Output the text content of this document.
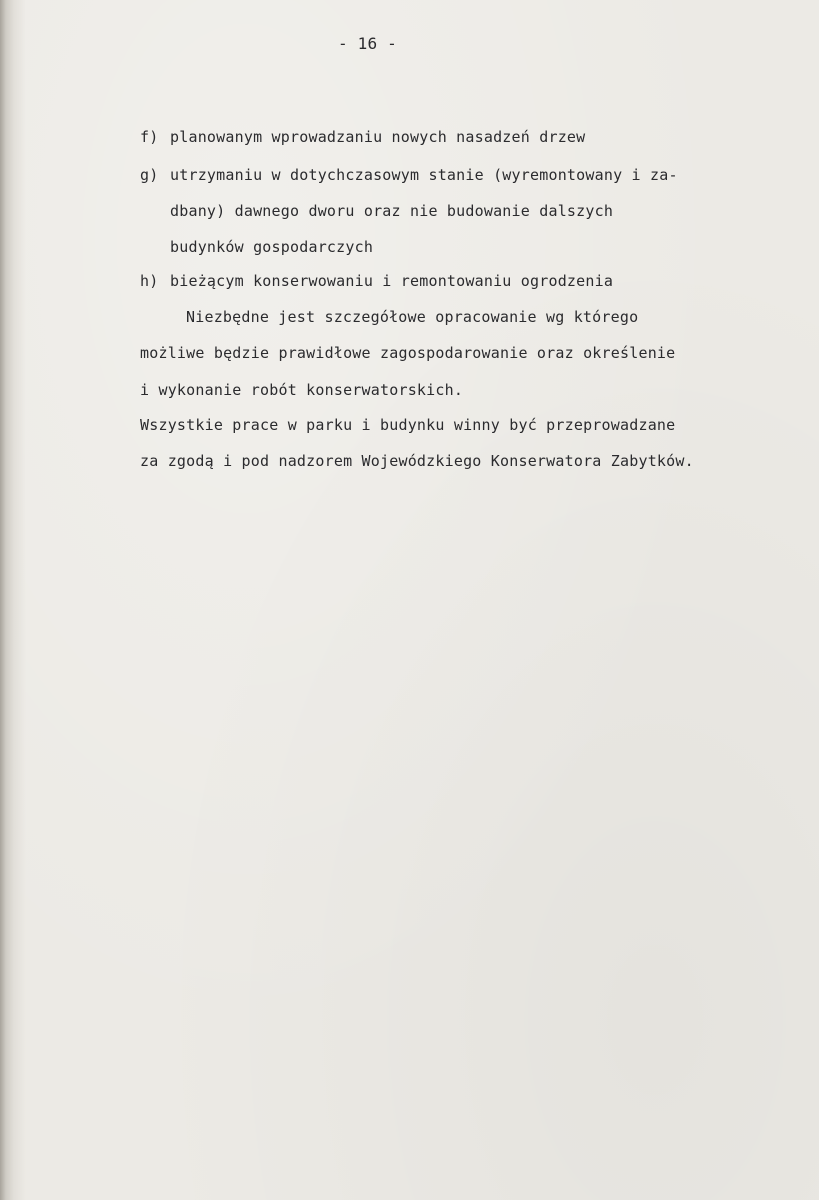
- 16 -
f) planowanym wprowadzaniu nowych nasadzeń drzew
g) utrzymaniu w dotychczasowym stanie (wyremontowany i za-
dbany) dawnego dworu oraz nie budowanie dalszych
budynków gospodarczych
h) bieżącym konserwowaniu i remontowaniu ogrodzenia
Niezbędne jest szczegółowe opracowanie wg którego
możliwe będzie prawidłowe zagospodarowanie oraz określenie
i wykonanie robót konserwatorskich.
Wszystkie prace w parku i budynku winny być przeprowadzane
za zgodą i pod nadzorem Wojewódzkiego Konserwatora Zabytków.
